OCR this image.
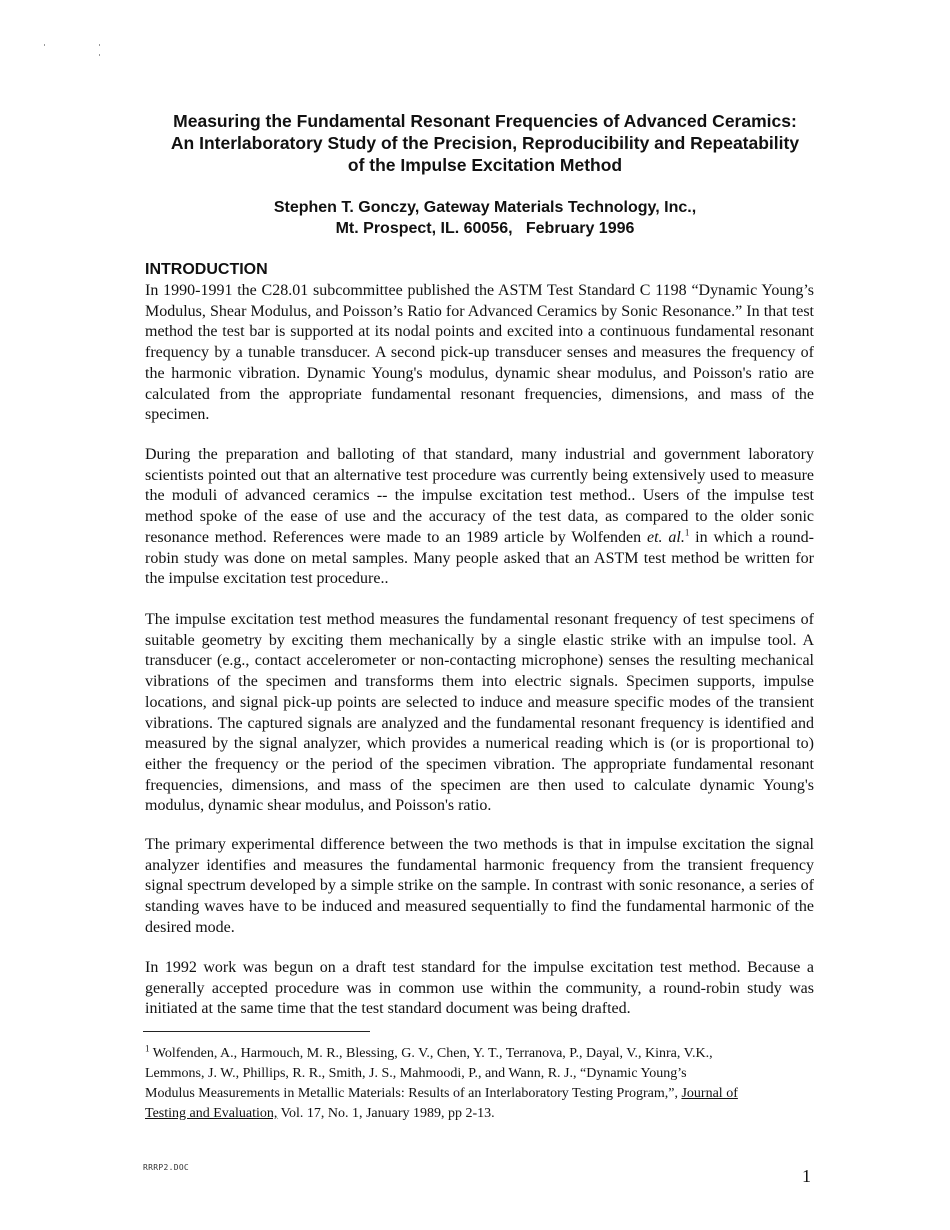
Measuring the Fundamental Resonant Frequencies of Advanced Ceramics:
An Interlaboratory Study of the Precision, Reproducibility and Repeatability
of the Impulse Excitation Method
Stephen T. Gonczy, Gateway Materials Technology, Inc.,
Mt. Prospect, IL. 60056,   February 1996
INTRODUCTION

In 1990-1991 the C28.01 subcommittee published the ASTM Test Standard C 1198 “Dynamic Young’s Modulus, Shear Modulus, and Poisson’s Ratio for Advanced Ceramics by Sonic Resonance.” In that test method the test bar is supported at its nodal points and excited into a continuous fundamental resonant frequency by a tunable transducer. A second pick-up transducer senses and measures the frequency of the harmonic vibration. Dynamic Young's modulus, dynamic shear modulus, and Poisson's ratio are calculated from the appropriate fundamental resonant frequencies, dimensions, and mass of the specimen.

During the preparation and balloting of that standard, many industrial and government laboratory scientists pointed out that an alternative test procedure was currently being extensively used to measure the moduli of advanced ceramics -- the impulse excitation test method.. Users of the impulse test method spoke of the ease of use and the accuracy of the test data, as compared to the older sonic resonance method. References were made to an 1989 article by Wolfenden et. al.$^1$ in which a round-robin study was done on metal samples. Many people asked that an ASTM test method be written for the impulse excitation test procedure..

The impulse excitation test method measures the fundamental resonant frequency of test specimens of suitable geometry by exciting them mechanically by a single elastic strike with an impulse tool. A transducer (e.g., contact accelerometer or non-contacting microphone) senses the resulting mechanical vibrations of the specimen and transforms them into electric signals. Specimen supports, impulse locations, and signal pick-up points are selected to induce and measure specific modes of the transient vibrations. The captured signals are analyzed and the fundamental resonant frequency is identified and measured by the signal analyzer, which provides a numerical reading which is (or is proportional to) either the frequency or the period of the specimen vibration. The appropriate fundamental resonant frequencies, dimensions, and mass of the specimen are then used to calculate dynamic Young's modulus, dynamic shear modulus, and Poisson's ratio.

The primary experimental difference between the two methods is that in impulse excitation the signal analyzer identifies and measures the fundamental harmonic frequency from the transient frequency signal spectrum developed by a simple strike on the sample. In contrast with sonic resonance, a series of standing waves have to be induced and measured sequentially to find the fundamental harmonic of the desired mode.

In 1992 work was begun on a draft test standard for the impulse excitation test method. Because a generally accepted procedure was in common use within the community, a round-robin study was initiated at the same time that the test standard document was being drafted.

$^1$ Wolfenden, A., Harmouch, M. R., Blessing, G. V., Chen, Y. T., Terranova, P., Dayal, V., Kinra, V.K.,
Lemmons, J. W., Phillips, R. R., Smith, J. S., Mahmoodi, P., and Wann, R. J., “Dynamic Young’s
Modulus Measurements in Metallic Materials: Results of an Interlaboratory Testing Program,”, Journal of
Testing and Evaluation, Vol. 17, No. 1, January 1989, pp 2-13.

RRRP2.DOC	1
